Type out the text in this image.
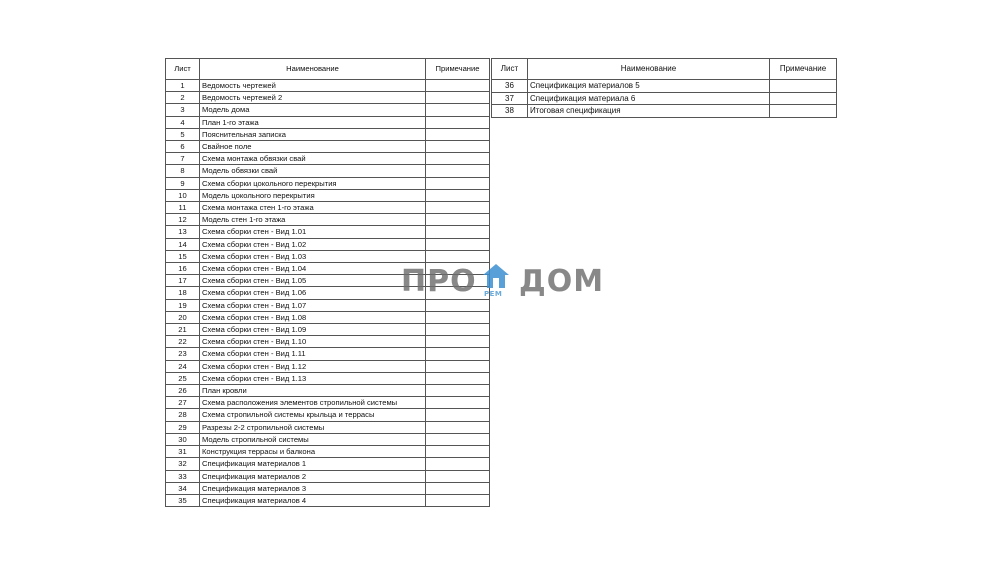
Лист	Наименование	Примечание
1	Ведомость чертежей	
2	Ведомость чертежей 2	
3	Модель дома	
4	План 1-го этажа	
5	Пояснительная записка	
6	Свайное поле	
7	Схема монтажа обвязки свай	
8	Модель обвязки свай	
9	Схема сборки цокольного перекрытия	
10	Модель цокольного перекрытия	
11	Схема монтажа стен 1-го этажа	
12	Модель стен 1-го этажа	
13	Схема сборки стен - Вид 1.01	
14	Схема сборки стен - Вид 1.02	
15	Схема сборки стен - Вид 1.03	
16	Схема сборки стен - Вид 1.04	
17	Схема сборки стен - Вид 1.05	
18	Схема сборки стен - Вид 1.06	
19	Схема сборки стен - Вид 1.07	
20	Схема сборки стен - Вид 1.08	
21	Схема сборки стен - Вид 1.09	
22	Схема сборки стен - Вид 1.10	
23	Схема сборки стен - Вид 1.11	
24	Схема сборки стен - Вид 1.12	
25	Схема сборки стен - Вид 1.13	
26	План кровли	
27	Схема расположения элементов стропильной системы	
28	Схема стропильной системы крыльца и террасы	
29	Разрезы 2-2 стропильной системы	
30	Модель стропильной системы	
31	Конструкция террасы и балкона	
32	Спецификация материалов 1	
33	Спецификация материалов 2	
34	Спецификация материалов 3	
35	Спецификация материалов 4	
Лист	Наименование	Примечание
36	Спецификация материалов 5	
37	Спецификация материала 6	
38	Итоговая спецификация	
ПРО РЕМ ДОМ
